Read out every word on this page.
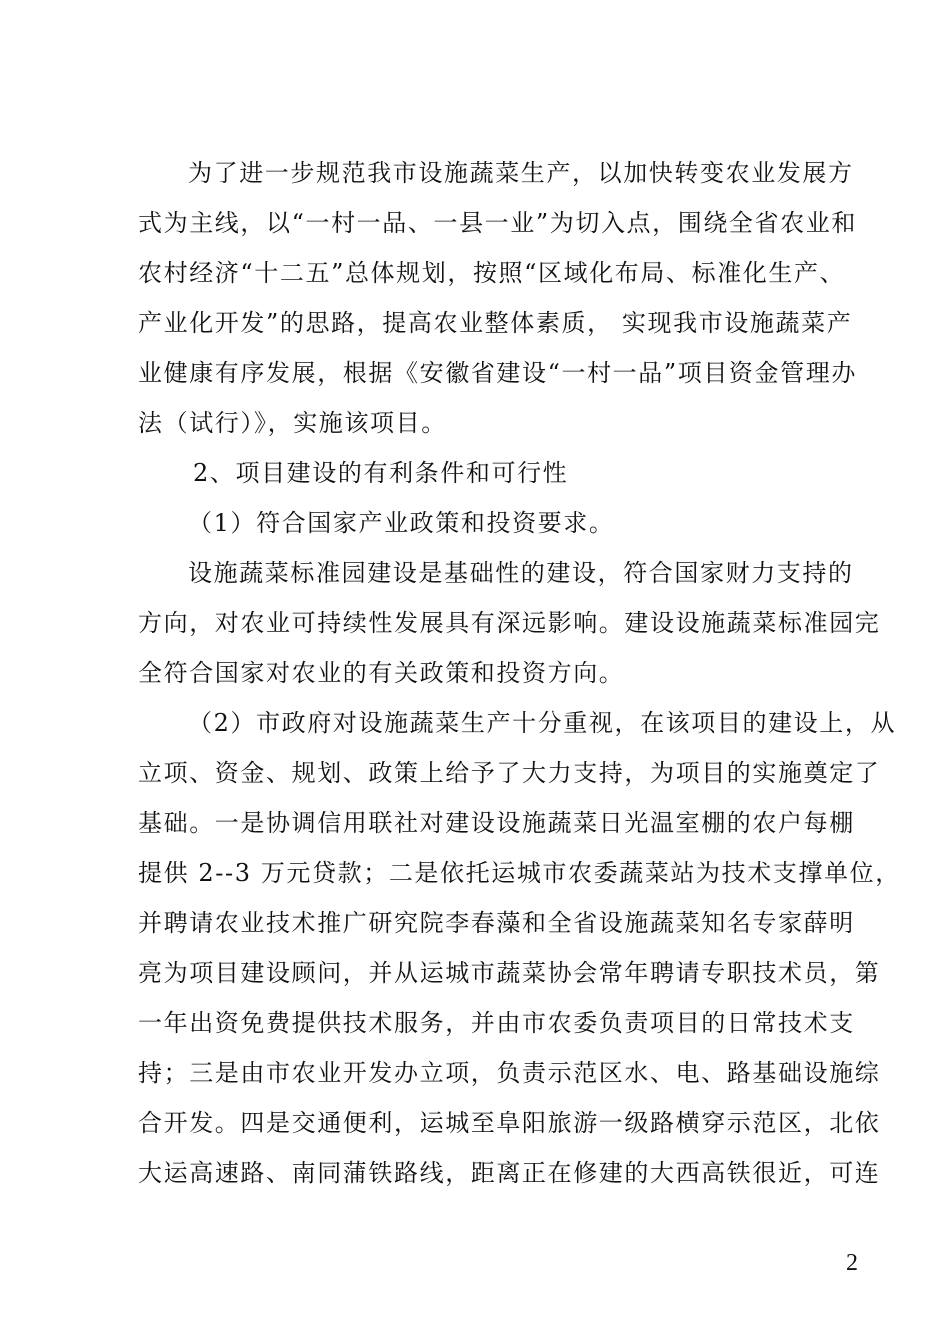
为了进一步规范我市设施蔬菜生产，以加快转变农业发展方
式为主线，以“一村一品、一县一业”为切入点，围绕全省农业和
农村经济“十二五”总体规划，按照“区域化布局、标准化生产、
产业化开发”的思路，提高农业整体素质， 实现我市设施蔬菜产
业健康有序发展，根据《安徽省建设“一村一品”项目资金管理办
法（试行）》，实施该项目。
2、项目建设的有利条件和可行性
（1）符合国家产业政策和投资要求。
设施蔬菜标准园建设是基础性的建设，符合国家财力支持的
方向，对农业可持续性发展具有深远影响。建设设施蔬菜标准园完
全符合国家对农业的有关政策和投资方向。
（2）市政府对设施蔬菜生产十分重视，在该项目的建设上，从
立项、资金、规划、政策上给予了大力支持，为项目的实施奠定了
基础。一是协调信用联社对建设设施蔬菜日光温室棚的农户每棚
提供 2--3 万元贷款；二是依托运城市农委蔬菜站为技术支撑单位，
并聘请农业技术推广研究院李春藻和全省设施蔬菜知名专家薛明
亮为项目建设顾问，并从运城市蔬菜协会常年聘请专职技术员，第
一年出资免费提供技术服务，并由市农委负责项目的日常技术支
持；三是由市农业开发办立项，负责示范区水、电、路基础设施综
合开发。四是交通便利，运城至阜阳旅游一级路横穿示范区，北依
大运高速路、南同蒲铁路线，距离正在修建的大西高铁很近，可连
2
